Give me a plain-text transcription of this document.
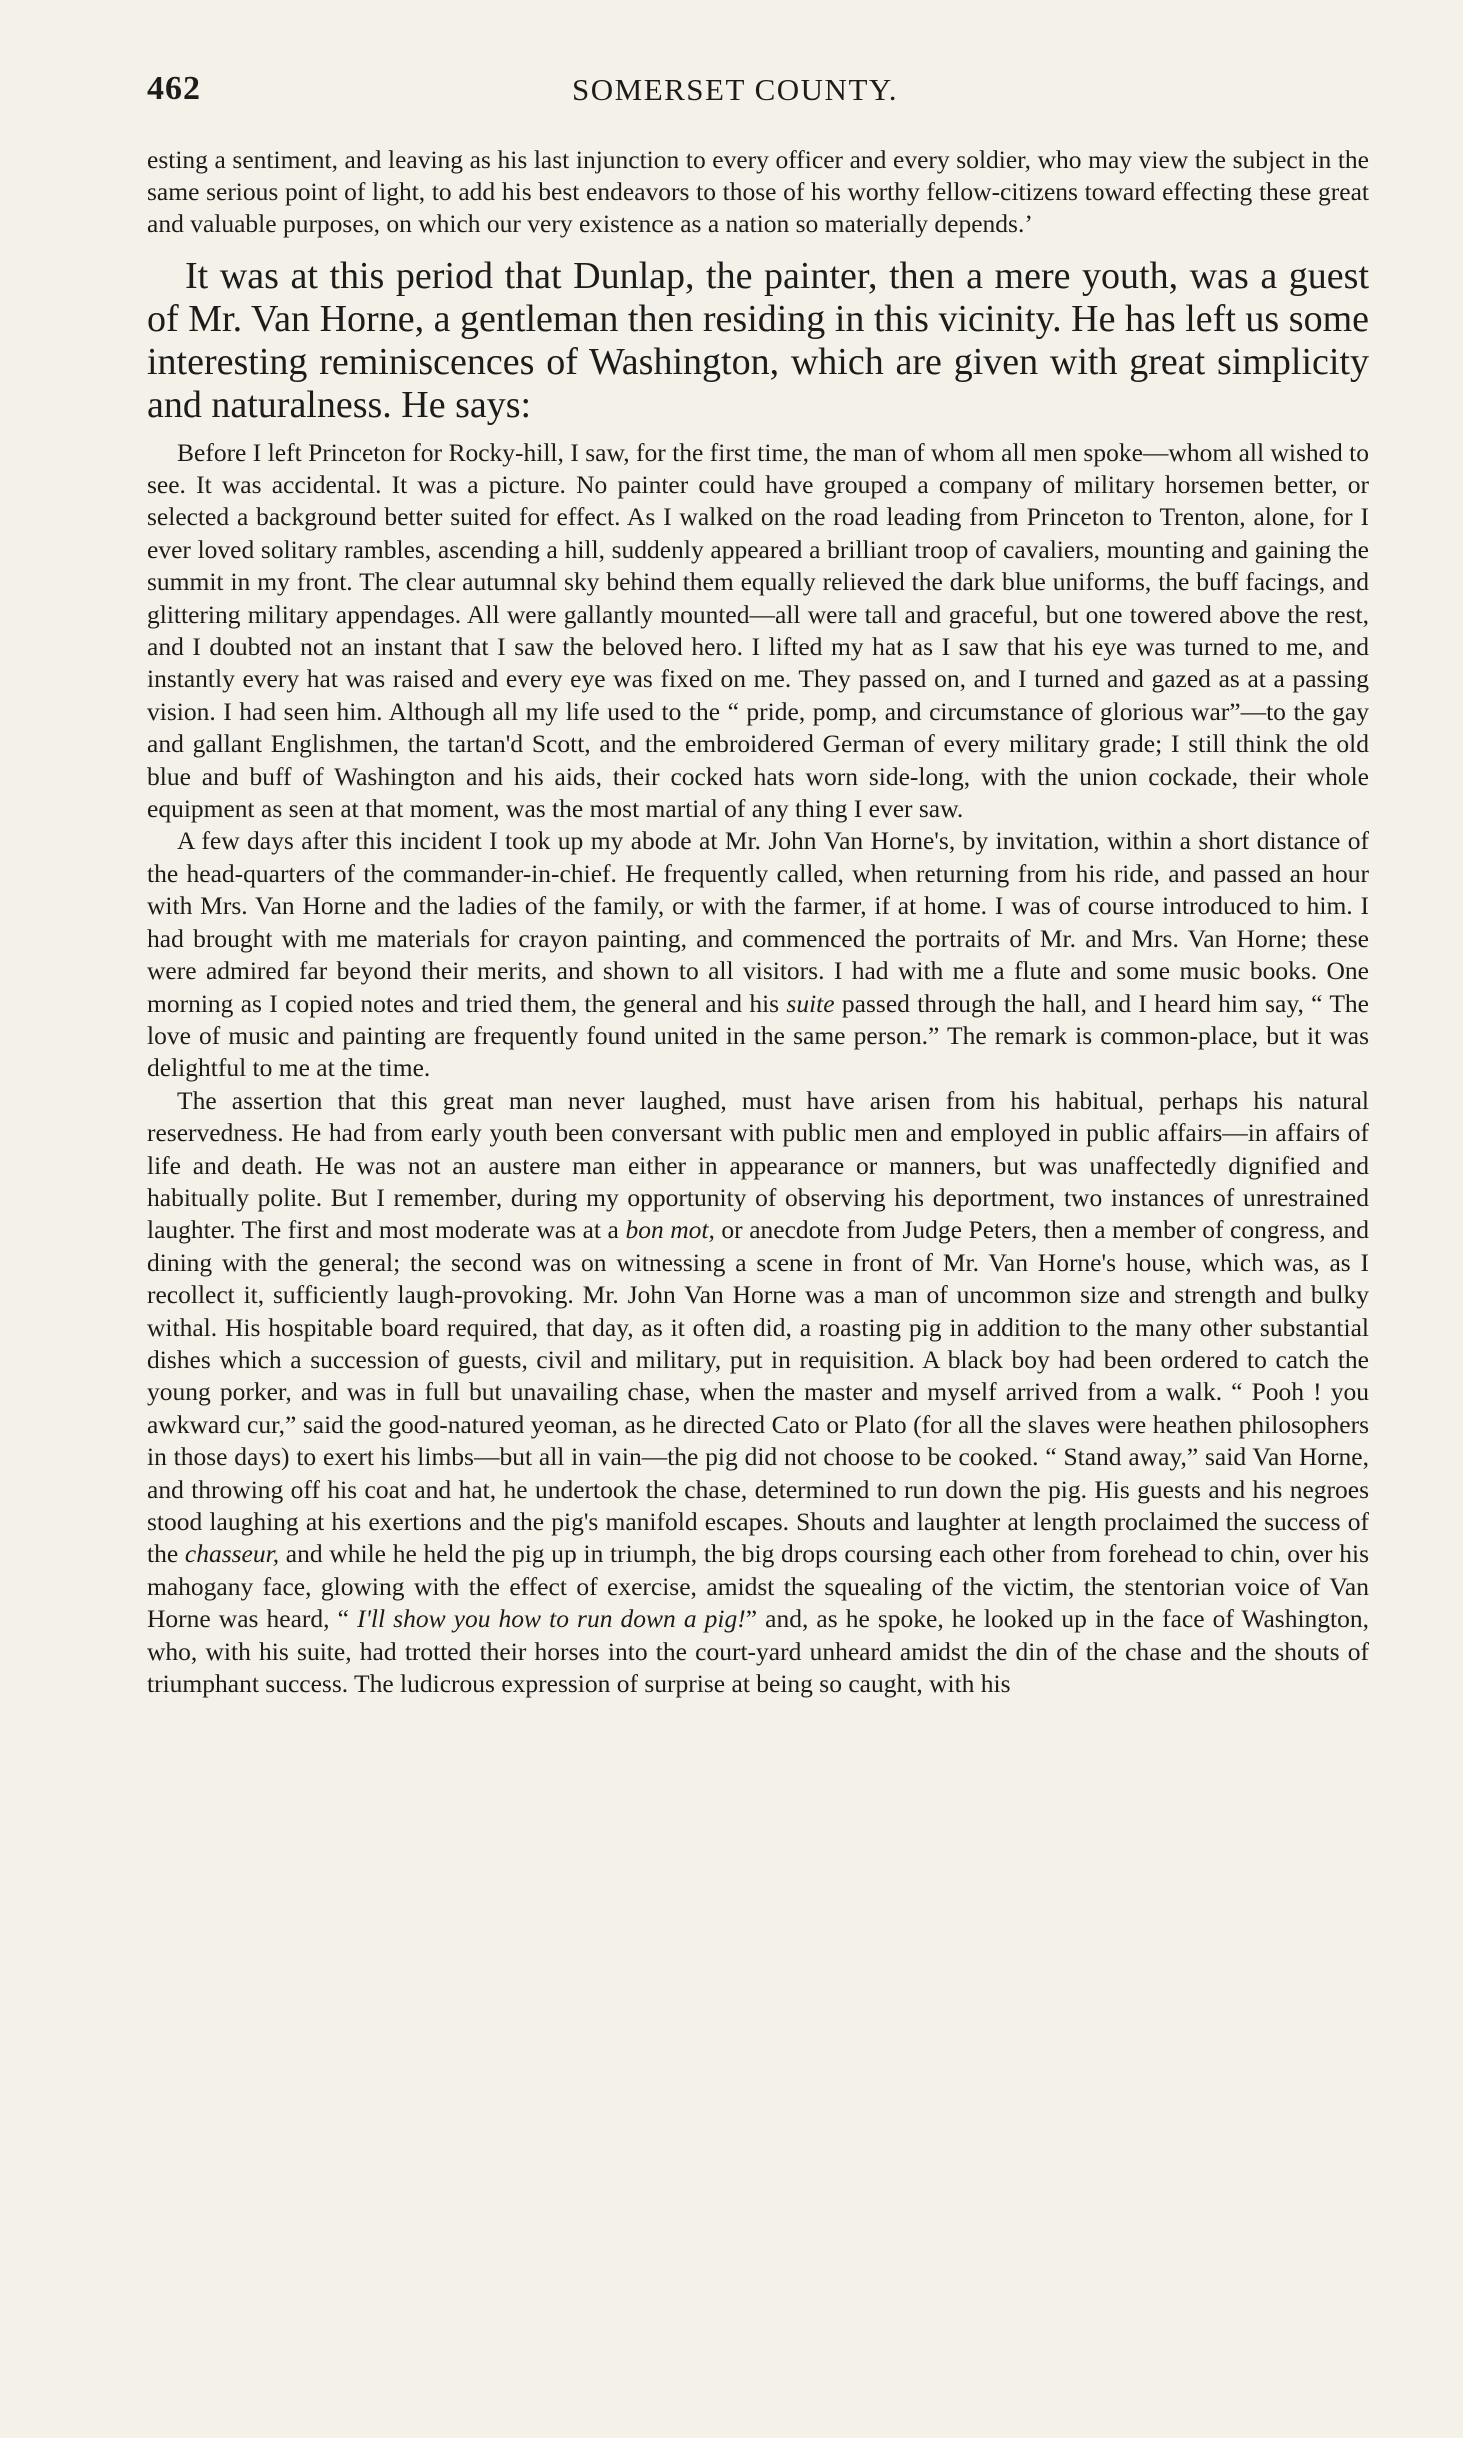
462	SOMERSET COUNTY.

esting a sentiment, and leaving as his last injunction to every officer and every soldier, who may view the subject in the same serious point of light, to add his best endeavors to those of his worthy fellow-citizens toward effecting these great and valuable purposes, on which our very existence as a nation so materially depends.’

It was at this period that Dunlap, the painter, then a mere youth, was a guest of Mr. Van Horne, a gentleman then residing in this vicinity. He has left us some interesting reminiscences of Washington, which are given with great simplicity and naturalness. He says:

Before I left Princeton for Rocky-hill, I saw, for the first time, the man of whom all men spoke—whom all wished to see. It was accidental. It was a picture. No painter could have grouped a company of military horsemen better, or selected a background better suited for effect. As I walked on the road leading from Princeton to Trenton, alone, for I ever loved solitary rambles, ascending a hill, suddenly appeared a brilliant troop of cavaliers, mounting and gaining the summit in my front. The clear autumnal sky behind them equally relieved the dark blue uniforms, the buff facings, and glittering military appendages. All were gallantly mounted—all were tall and graceful, but one towered above the rest, and I doubted not an instant that I saw the beloved hero. I lifted my hat as I saw that his eye was turned to me, and instantly every hat was raised and every eye was fixed on me. They passed on, and I turned and gazed as at a passing vision. I had seen him. Although all my life used to the “ pride, pomp, and circumstance of glorious war”—to the gay and gallant Englishmen, the tartan'd Scott, and the embroidered German of every military grade; I still think the old blue and buff of Washington and his aids, their cocked hats worn side-long, with the union cockade, their whole equipment as seen at that moment, was the most martial of any thing I ever saw.

A few days after this incident I took up my abode at Mr. John Van Horne's, by invitation, within a short distance of the head-quarters of the commander-in-chief. He frequently called, when returning from his ride, and passed an hour with Mrs. Van Horne and the ladies of the family, or with the farmer, if at home. I was of course introduced to him. I had brought with me materials for crayon painting, and commenced the portraits of Mr. and Mrs. Van Horne; these were admired far beyond their merits, and shown to all visitors. I had with me a flute and some music books. One morning as I copied notes and tried them, the general and his suite passed through the hall, and I heard him say, “ The love of music and painting are frequently found united in the same person.” The remark is common-place, but it was delightful to me at the time.

The assertion that this great man never laughed, must have arisen from his habitual, perhaps his natural reservedness. He had from early youth been conversant with public men and employed in public affairs—in affairs of life and death. He was not an austere man either in appearance or manners, but was unaffectedly dignified and habitually polite. But I remember, during my opportunity of observing his deportment, two instances of unrestrained laughter. The first and most moderate was at a bon mot, or anecdote from Judge Peters, then a member of congress, and dining with the general; the second was on witnessing a scene in front of Mr. Van Horne's house, which was, as I recollect it, sufficiently laugh-provoking. Mr. John Van Horne was a man of uncommon size and strength and bulky withal. His hospitable board required, that day, as it often did, a roasting pig in addition to the many other substantial dishes which a succession of guests, civil and military, put in requisition. A black boy had been ordered to catch the young porker, and was in full but unavailing chase, when the master and myself arrived from a walk. “ Pooh ! you awkward cur,” said the good-natured yeoman, as he directed Cato or Plato (for all the slaves were heathen philosophers in those days) to exert his limbs—but all in vain—the pig did not choose to be cooked. “ Stand away,” said Van Horne, and throwing off his coat and hat, he undertook the chase, determined to run down the pig. His guests and his negroes stood laughing at his exertions and the pig's manifold escapes. Shouts and laughter at length proclaimed the success of the chasseur, and while he held the pig up in triumph, the big drops coursing each other from forehead to chin, over his mahogany face, glowing with the effect of exercise, amidst the squealing of the victim, the stentorian voice of Van Horne was heard, “ I'll show you how to run down a pig!” and, as he spoke, he looked up in the face of Washington, who, with his suite, had trotted their horses into the court-yard unheard amidst the din of the chase and the shouts of triumphant success. The ludicrous expression of surprise at being so caught, with his
